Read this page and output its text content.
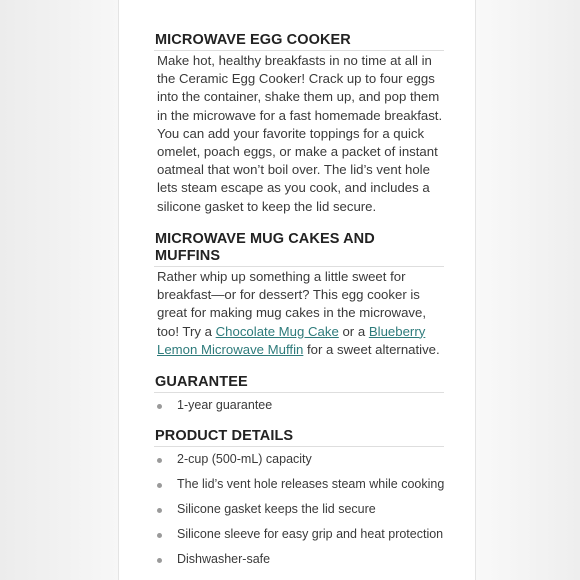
MICROWAVE EGG COOKER

Make hot, healthy breakfasts in no time at all in the Ceramic Egg Cooker! Crack up to four eggs into the container, shake them up, and pop them in the microwave for a fast homemade breakfast. You can add your favorite toppings for a quick omelet, poach eggs, or make a packet of instant oatmeal that won’t boil over. The lid’s vent hole lets steam escape as you cook, and includes a silicone gasket to keep the lid secure.

MICROWAVE MUG CAKES AND
MUFFINS

Rather whip up something a little sweet for breakfast—or for dessert? This egg cooker is great for making mug cakes in the microwave, too! Try a Chocolate Mug Cake or a Blueberry Lemon Microwave Muffin for a sweet alternative.

GUARANTEE
1-year guarantee
PRODUCT DETAILS
2-cup (500-mL) capacity
The lid’s vent hole releases steam while cooking
Silicone gasket keeps the lid secure
Silicone sleeve for easy grip and heat protection
Dishwasher-safe
